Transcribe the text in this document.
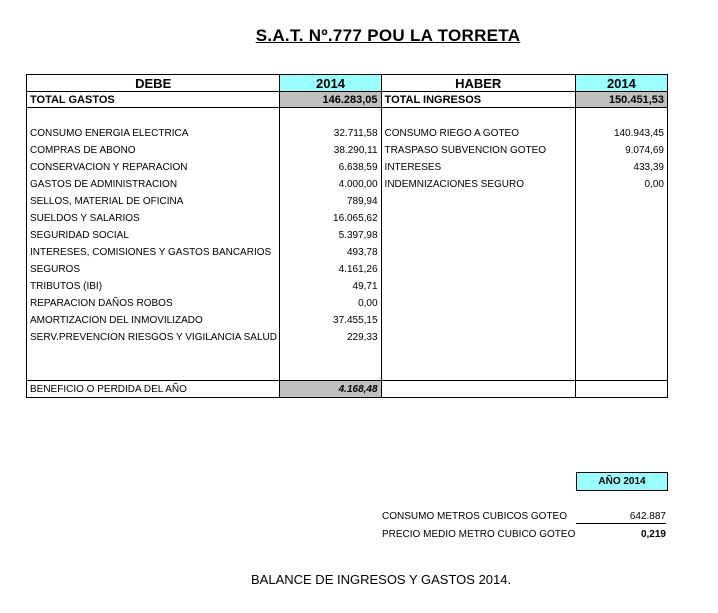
S.A.T. Nº.777 POU LA TORRETA
DEBE	2014	HABER	2014
TOTAL GASTOS	146.283,05	TOTAL INGRESOS	150.451,53

CONSUMO ENERGIA ELECTRICA	32.711,58	CONSUMO RIEGO A GOTEO	140.943,45
COMPRAS DE ABONO	38.290,11	TRASPASO SUBVENCION GOTEO	9.074,69
CONSERVACION Y REPARACION	6.638,59	INTERESES	433,39
GASTOS DE ADMINISTRACION	4.000,00	INDEMNIZACIONES SEGURO	0,00
SELLOS, MATERIAL DE OFICINA	789,94		
SUELDOS Y SALARIOS	16.065,62		
SEGURIDAD SOCIAL	5.397,98		
INTERESES, COMISIONES Y GASTOS BANCARIOS	493,78		
SEGUROS	4.161,26		
TRIBUTOS (IBI)	49,71		
REPARACION DAÑOS ROBOS	0,00		
AMORTIZACION DEL INMOVILIZADO	37.455,15		
SERV.PREVENCION RIESGOS Y VIGILANCIA SALUD	229,33		

BENEFICIO O PERDIDA DEL AÑO	4.168,48		
AÑO 2014
CONSUMO METROS CUBICOS GOTEO	642.887
PRECIO MEDIO METRO CUBICO GOTEO	0,219
BALANCE DE INGRESOS Y GASTOS 2014.
